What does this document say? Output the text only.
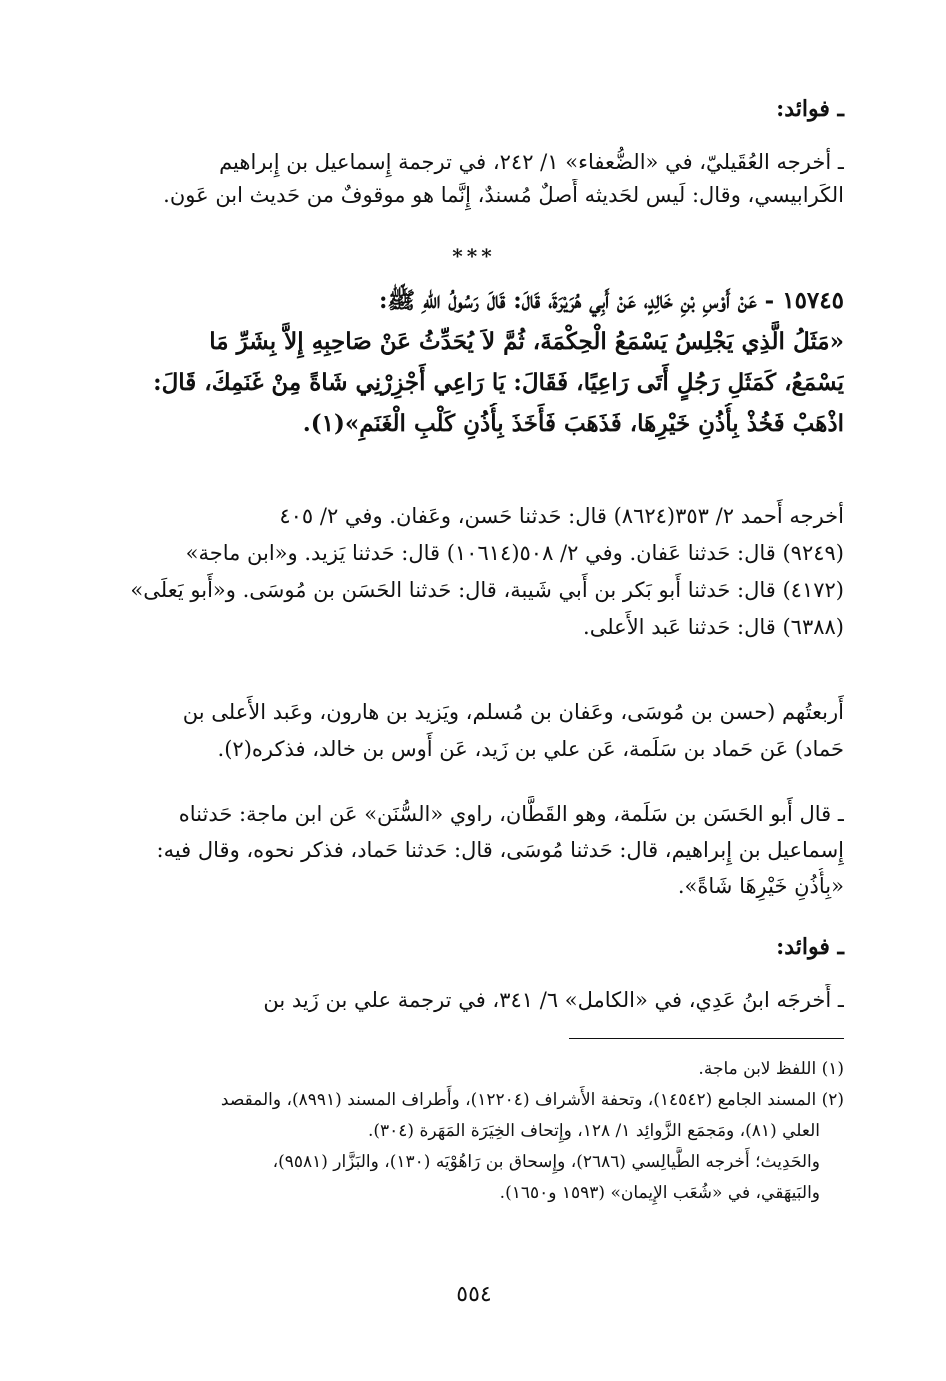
ـ فوائد:
ـ أخرجه العُقَيليّ، في «الضُّعفاء» ١/ ٢٤٢، في ترجمة إِسماعيل بن إِبراهيم
الكَرابيسي، وقال: لَيس لحَديثه أَصلٌ مُسندٌ، إِنَّما هو موقوفٌ من حَديث ابن عَون.
***
١٥٧٤٥ - عَنْ أَوْسِ بْنِ خَالِدٍ، عَنْ أَبِي هُرَيْرَةَ، قَالَ: قَالَ رَسُولُ اللهِ ﷺ:
«مَثَلُ الَّذِي يَجْلِسُ يَسْمَعُ الْحِكْمَةَ، ثُمَّ لاَ يُحَدِّثُ عَنْ صَاحِبِهِ إِلاَّ بِشَرِّ مَا
يَسْمَعُ، كَمَثَلِ رَجُلٍ أَتَى رَاعِيًا، فَقَالَ: يَا رَاعِي أَجْزِرْنِي شَاةً مِنْ غَنَمِكَ، قَالَ:
اذْهَبْ فَخُذْ بِأُذُنِ خَيْرِهَا، فَذَهَبَ فَأَخَذَ بِأُذُنِ كَلْبِ الْغَنَمِ»(١).
أخرجه أَحمد ٢/ ٣٥٣(٨٦٢٤) قال: حَدثنا حَسن، وعَفان. وفي ٢/ ٤٠٥
(٩٢٤٩) قال: حَدثنا عَفان. وفي ٢/ ٥٠٨(١٠٦١٤) قال: حَدثنا يَزيد. و«ابن ماجة»
(٤١٧٢) قال: حَدثنا أَبو بَكر بن أَبي شَيبة، قال: حَدثنا الحَسَن بن مُوسَى. و«أَبو يَعلَى»
(٦٣٨٨) قال: حَدثنا عَبد الأَعلى.
أَربعتُهم (حسن بن مُوسَى، وعَفان بن مُسلم، ويَزيد بن هارون، وعَبد الأَعلى بن
حَماد) عَن حَماد بن سَلَمة، عَن علي بن زَيد، عَن أَوس بن خالد، فذكره(٢).
ـ قال أَبو الحَسَن بن سَلَمة، وهو القَطَّان، راوي «السُّنَن» عَن ابن ماجة: حَدثناه
إِسماعيل بن إِبراهيم، قال: حَدثنا مُوسَى، قال: حَدثنا حَماد، فذكر نحوه، وقال فيه:
«بِأُذُنِ خَيْرِهَا شَاةً».
ـ فوائد:
ـ أَخرجَه ابنُ عَدِي، في «الكامل» ٦/ ٣٤١، في ترجمة علي بن زَيد بن
(١) اللفظ لابن ماجة.
(٢) المسند الجامع (١٤٥٤٢)، وتحفة الأَشراف (١٢٢٠٤)، وأَطراف المسند (٨٩٩١)، والمقصد
العلي (٨١)، ومَجمَع الزَّوائِد ١/ ١٢٨، وإِتحاف الخِيَرَة المَهَرة (٣٠٤).
والحَدِيث؛ أَخرجه الطَّيالِسي (٢٦٨٦)، وإِسحاق بن رَاهُوْيَه (١٣٠)، والبَزَّار (٩٥٨١)،
والبَيهَقي، في «شُعَب الإِيمان» (١٥٩٣ و١٦٥٠).
٥٥٤
